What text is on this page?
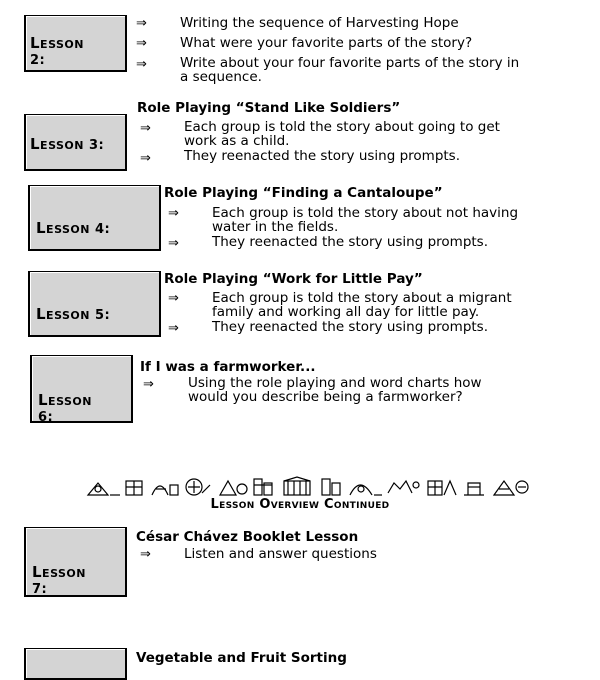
Lesson
2:
⇒ Writing the sequence of Harvesting Hope
⇒ What were your favorite parts of the story?
⇒ Write about your four favorite parts of the story in
a sequence.
Lesson 3:
Role Playing “Stand Like Soldiers”
⇒ Each group is told the story about going to get
work as a child.
⇒ They reenacted the story using prompts.
Lesson 4:
Role Playing “Finding a Cantaloupe”
⇒ Each group is told the story about not having
water in the fields.
⇒ They reenacted the story using prompts.
Lesson 5:
Role Playing “Work for Little Pay”
⇒ Each group is told the story about a migrant
family and working all day for little pay.
⇒ They reenacted the story using prompts.
Lesson
6:
If I was a farmworker...
⇒	Using the role playing and word charts how
would you describe being a farmworker?
Lesson Overview Continued
Lesson
7:
César Chávez Booklet Lesson
⇒ Listen and answer questions
Vegetable and Fruit Sorting
